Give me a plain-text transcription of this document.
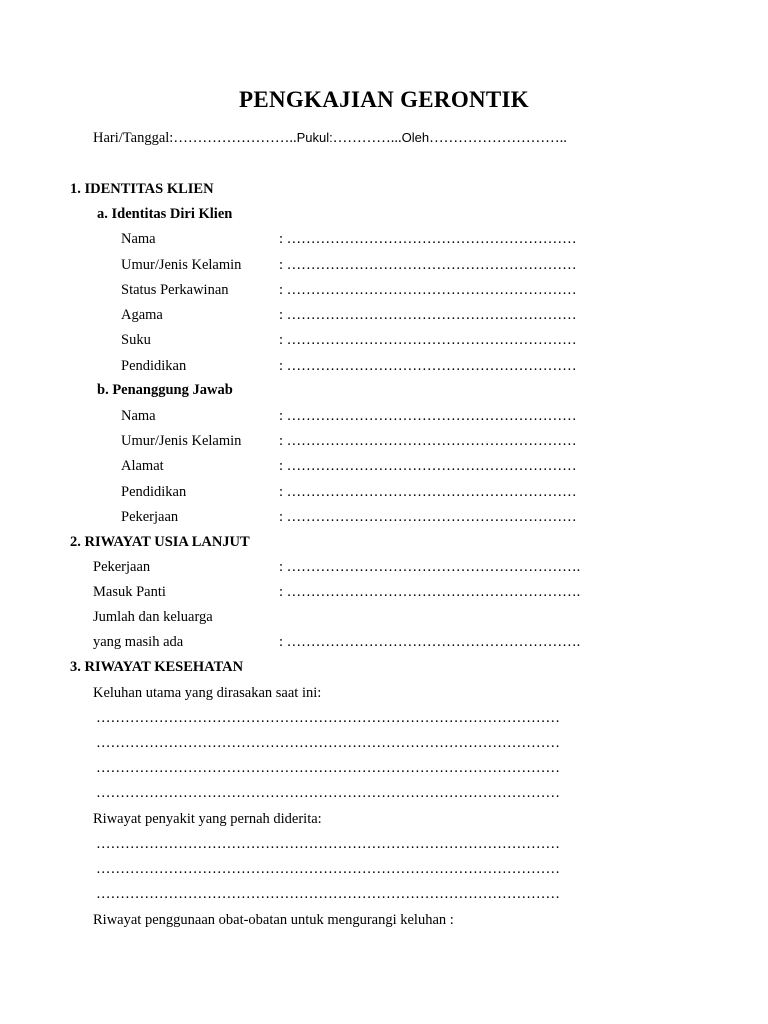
PENGKAJIAN GERONTIK
Hari/Tanggal:……………………..Pukul:…………...Oleh………………………..
1. IDENTITAS KLIEN
a. Identitas Diri Klien
Nama	: ……………………………………………………
Umur/Jenis Kelamin	: ……………………………………………………
Status Perkawinan	: ……………………………………………………
Agama	: ……………………………………………………
Suku	: ……………………………………………………
Pendidikan	: ……………………………………………………
b. Penanggung Jawab
Nama	: ……………………………………………………
Umur/Jenis Kelamin	: ……………………………………………………
Alamat	: ……………………………………………………
Pendidikan	: ……………………………………………………
Pekerjaan	: ……………………………………………………
2. RIWAYAT USIA LANJUT
Pekerjaan	: …………………………………………………….
Masuk Panti	: …………………………………………………….
Jumlah dan keluarga
yang masih ada	: …………………………………………………….
3. RIWAYAT KESEHATAN
Keluhan utama yang dirasakan saat ini:
……………………………………………………………………………………
……………………………………………………………………………………
……………………………………………………………………………………
……………………………………………………………………………………
Riwayat penyakit yang pernah diderita:
……………………………………………………………………………………
……………………………………………………………………………………
……………………………………………………………………………………
Riwayat penggunaan obat-obatan untuk mengurangi keluhan :
